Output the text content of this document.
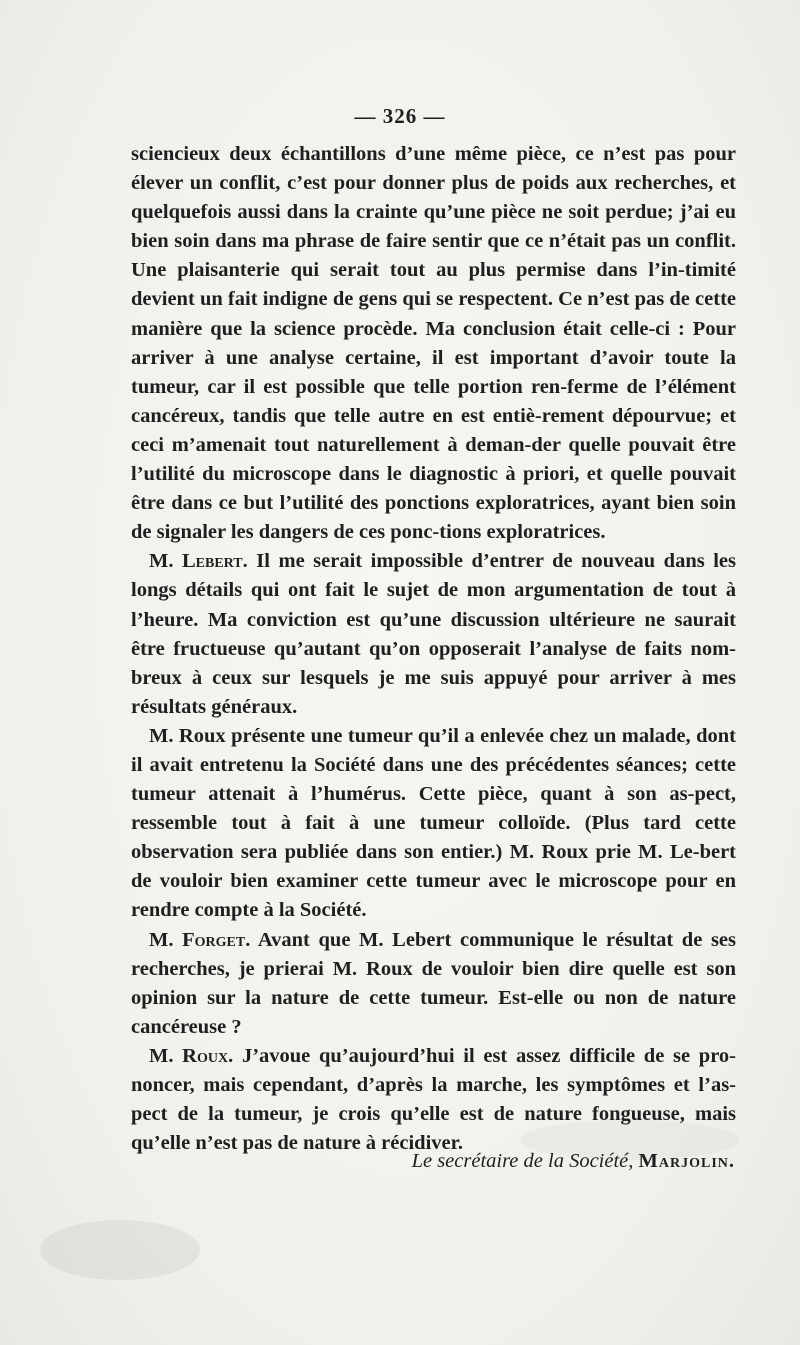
— 326 —

sciencieux deux échantillons d’une même pièce, ce n’est pas pour élever un conflit, c’est pour donner plus de poids aux recherches, et quelquefois aussi dans la crainte qu’une pièce ne soit perdue; j’ai eu bien soin dans ma phrase de faire sentir que ce n’était pas un conflit. Une plaisanterie qui serait tout au plus permise dans l’in-timité devient un fait indigne de gens qui se respectent. Ce n’est pas de cette manière que la science procède. Ma conclusion était celle-ci : Pour arriver à une analyse certaine, il est important d’avoir toute la tumeur, car il est possible que telle portion ren-ferme de l’élément cancéreux, tandis que telle autre en est entiè-rement dépourvue; et ceci m’amenait tout naturellement à deman-der quelle pouvait être l’utilité du microscope dans le diagnostic à priori, et quelle pouvait être dans ce but l’utilité des ponctions exploratrices, ayant bien soin de signaler les dangers de ces ponc-tions exploratrices.

M. Lebert. Il me serait impossible d’entrer de nouveau dans les longs détails qui ont fait le sujet de mon argumentation de tout à l’heure. Ma conviction est qu’une discussion ultérieure ne saurait être fructueuse qu’autant qu’on opposerait l’analyse de faits nom-breux à ceux sur lesquels je me suis appuyé pour arriver à mes résultats généraux.

M. Roux présente une tumeur qu’il a enlevée chez un malade, dont il avait entretenu la Société dans une des précédentes séances; cette tumeur attenait à l’humérus. Cette pièce, quant à son as-pect, ressemble tout à fait à une tumeur colloïde. (Plus tard cette observation sera publiée dans son entier.) M. Roux prie M. Le-bert de vouloir bien examiner cette tumeur avec le microscope pour en rendre compte à la Société.

M. Forget. Avant que M. Lebert communique le résultat de ses recherches, je prierai M. Roux de vouloir bien dire quelle est son opinion sur la nature de cette tumeur. Est-elle ou non de nature cancéreuse ?

M. Roux. J’avoue qu’aujourd’hui il est assez difficile de se pro-noncer, mais cependant, d’après la marche, les symptômes et l’as-pect de la tumeur, je crois qu’elle est de nature fongueuse, mais qu’elle n’est pas de nature à récidiver.

Le secrétaire de la Société, Marjolin.
